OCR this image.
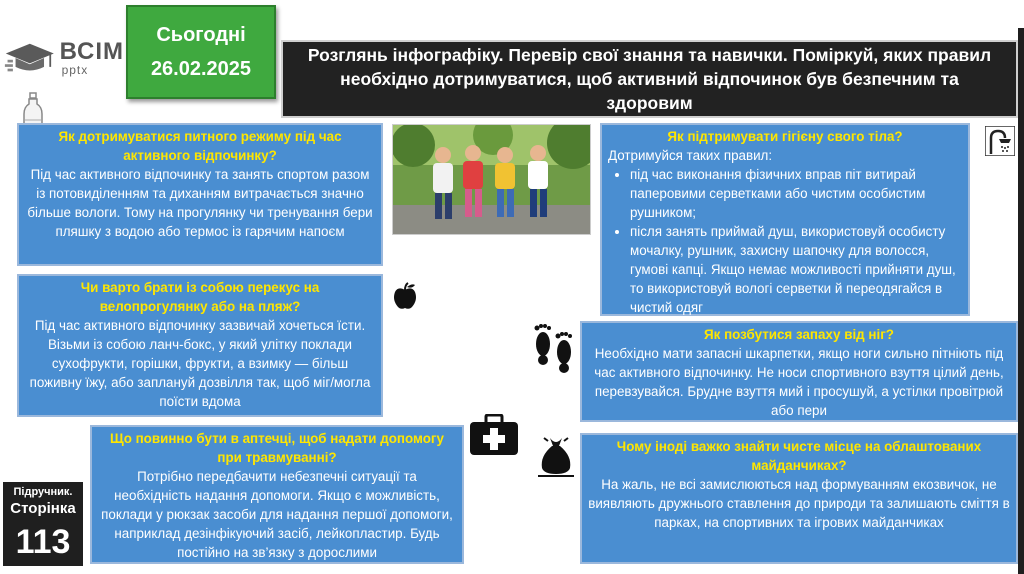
ВСІМ
pptx
Сьогодні
26.02.2025
Розглянь інфографіку. Перевір свої знання та навички. Поміркуй, яких правил необхідно дотримуватися, щоб активний відпочинок був безпечним та здоровим
Як дотримуватися питного режиму під час активного відпочинку?
Під час активного відпочинку та занять спортом разом із потовиділенням та диханням витрачається значно більше вологи. Тому на прогулянку чи тренування бери пляшку з водою або термос із гарячим напоєм
Як підтримувати гігієну свого тіла?
Дотримуйся таких правил:
• під час виконання фізичних вправ піт витирай паперовими серветками або чистим особистим рушником;
• після занять приймай душ, використовуй особисту мочалку, рушник, захисну шапочку для волосся, гумові капці. Якщо немає можливості прийняти душ, то використовуй вологі серветки й переодягайся в чистий одяг
Чи варто брати із собою перекус на велопрогулянку або на пляж?
Під час активного відпочинку зазвичай хочеться їсти. Візьми із собою ланч-бокс, у який улітку поклади сухофрукти, горішки, фрукти, а взимку — більш поживну їжу, або заплануй дозвілля так, щоб міг/могла поїсти вдома
Як позбутися запаху від ніг?
Необхідно мати запасні шкарпетки, якщо ноги сильно пітніють під час активного відпочинку. Не носи спортивного взуття цілий день, перевзувайся. Брудне взуття мий і просушуй, а устілки провітрюй або пери
Що повинно бути в аптечці, щоб надати допомогу при травмуванні?
Потрібно передбачити небезпечні ситуації та необхідність надання допомоги. Якщо є можливість, поклади у рюкзак засоби для надання першої допомоги, наприклад дезінфікуючий засіб, лейкопластир. Будь постійно на зв’язку з дорослими
Чому іноді важко знайти чисте місце на облаштованих майданчиках?
На жаль, не всі замислюються над формуванням екозвичок, не виявляють дружнього ставлення до природи та залишають сміття в парках, на спортивних та ігрових майданчиках
Підручник.
Сторінка
113
